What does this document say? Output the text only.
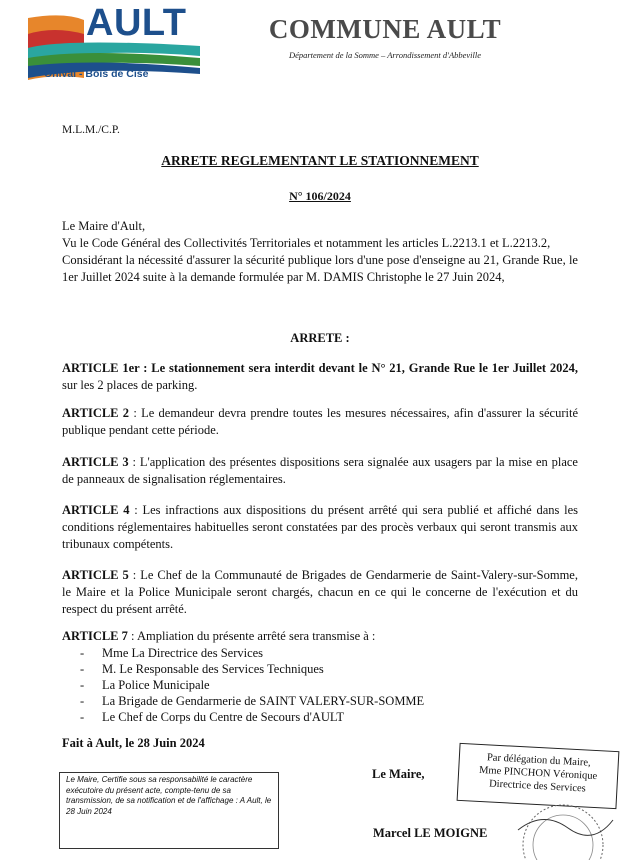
AULT
Onival - Bois de Cise
COMMUNE AULT
Département de la Somme – Arrondissement d'Abbeville
M.L.M./C.P.
ARRETE REGLEMENTANT LE STATIONNEMENT
N° 106/2024
Le Maire d'Ault,
Vu le Code Général des Collectivités Territoriales et notamment les articles L.2213.1 et L.2213.2,
Considérant la nécessité d'assurer la sécurité publique lors d'une pose d'enseigne au 21, Grande Rue, le 1er Juillet 2024 suite à la demande formulée par M. DAMIS Christophe le 27 Juin 2024,
ARRETE :
ARTICLE 1er : Le stationnement sera interdit devant le N° 21, Grande Rue le 1er Juillet 2024, sur les 2 places de parking.
ARTICLE 2 : Le demandeur devra prendre toutes les mesures nécessaires, afin d'assurer la sécurité publique pendant cette période.
ARTICLE 3 : L'application des présentes dispositions sera signalée aux usagers par la mise en place de panneaux de signalisation réglementaires.
ARTICLE 4 : Les infractions aux dispositions du présent arrêté qui sera publié et affiché dans les conditions réglementaires habituelles seront constatées par des procès verbaux qui seront transmis aux tribunaux compétents.
ARTICLE 5 : Le Chef de la Communauté de Brigades de Gendarmerie de Saint-Valery-sur-Somme, le Maire et la Police Municipale seront chargés, chacun en ce qui le concerne de l'exécution et du respect du présent arrêté.
ARTICLE 7 : Ampliation du présente arrêté sera transmise à :
- Mme La Directrice des Services
- M. Le Responsable des Services Techniques
- La Police Municipale
- La Brigade de Gendarmerie de SAINT VALERY-SUR-SOMME
- Le Chef de Corps du Centre de Secours d'AULT
Fait à Ault, le 28 Juin 2024
Le Maire, Certifie sous sa responsabilité le caractère exécutoire du présent acte, compte-tenu de sa transmission, de sa notification et de l'affichage : A Ault, le 28 Juin 2024
Le Maire,
Marcel LE MOIGNE
Par délégation du Maire,
Mme PINCHON Véronique
Directrice des Services
